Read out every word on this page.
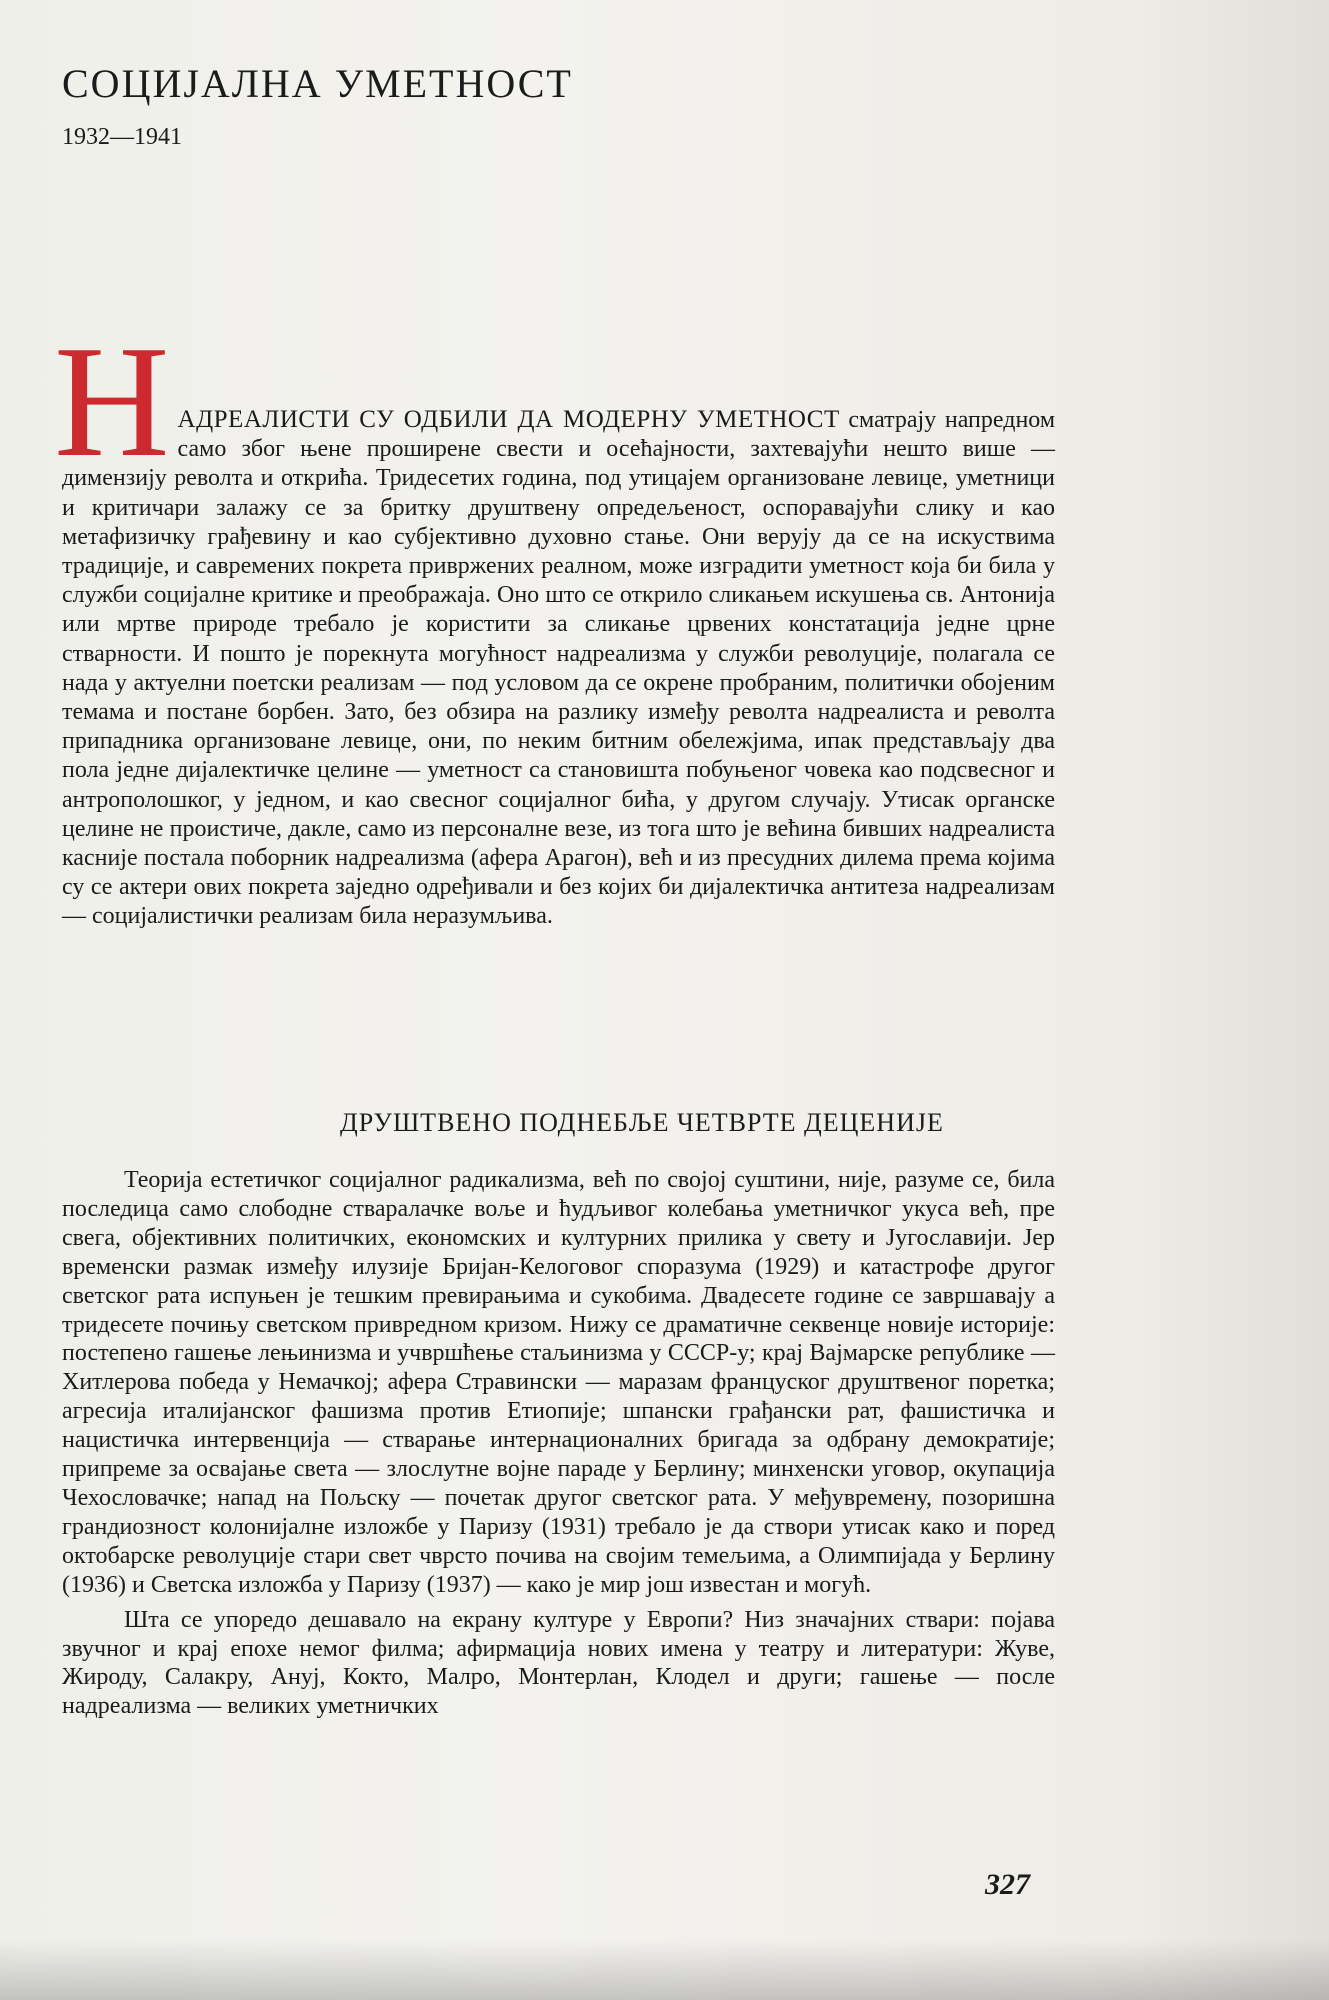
СОЦИЈАЛНА УМЕТНОСТ
1932—1941
Н АДРЕАЛИСТИ СУ ОДБИЛИ ДА МОДЕРНУ УМЕТНОСТ сматрају напредном само због њене проширене свести и осећајности, захтевајући нешто више — димензију револта и открића. Тридесетих година, под утицајем организоване левице, уметници и критичари залажу се за бритку друштвену опредељеност, оспоравајући слику и као метафизичку грађевину и као субјективно духовно стање. Они верују да се на искуствима традиције, и савремених покрета привржених реалном, може изградити уметност која би била у служби социјалне критике и преображаја. Оно што се открило сликањем искушења св. Антонија или мртве природе требало је користити за сликање црвених констатација једне црне стварности. И пошто је порекнута могућност надреализма у служби револуције, полагала се нада у актуелни поетски реализам — под условом да се окрене пробраним, политички обојеним темама и постане борбен. Зато, без обзира на разлику између револта надреалиста и револта припадника организоване левице, они, по неким битним обележјима, ипак представљају два пола једне дијалектичке целине — уметност са становишта побуњеног човека као подсвесног и антрополошког, у једном, и као свесног социјалног бића, у другом случају. Утисак органске целине не проистиче, дакле, само из персоналне везе, из тога што је већина бивших надреалиста касније постала поборник надреализма (афера Арагон), већ и из пресудних дилема према којима су се актери ових покрета заједно одређивали и без којих би дијалектичка антитеза надреализам — социјалистички реализам била неразумљива.

ДРУШТВЕНО ПОДНЕБЉЕ ЧЕТВРТЕ ДЕЦЕНИЈЕ

Теорија естетичког социјалног радикализма, већ по својој суштини, није, разуме се, била последица само слободне стваралачке воље и ћудљивог колебања уметничког укуса већ, пре свега, објективних политичких, економских и културних прилика у свету и Југославији. Јер временски размак између илузије Бријан-Келоговог споразума (1929) и катастрофе другог светског рата испуњен је тешким превирањима и сукобима. Двадесете године се завршавају а тридесете почињу светском привредном кризом. Нижу се драматичне секвенце новије историје: постепено гашење лењинизма и учвршћење стаљинизма у СССР-у; крај Вајмарске републике — Хитлерова победа у Немачкој; афера Стравински — маразам француског друштвеног поретка; агресија италијанског фашизма против Етиопије; шпански грађански рат, фашистичка и нацистичка интервенција — стварање интернационалних бригада за одбрану демократије; припреме за освајање света — злослутне војне параде у Берлину; минхенски уговор, окупација Чехословачке; напад на Пољску — почетак другог светског рата. У међувремену, позоришна грандиозност колонијалне изложбе у Паризу (1931) требало је да створи утисак како и поред октобарске револуције стари свет чврсто почива на својим темељима, а Олимпијада у Берлину (1936) и Светска изложба у Паризу (1937) — како је мир још известан и могућ.

Шта се упоредо дешавало на екрану културе у Европи? Низ значајних ствари: појава звучног и крај епохе немог филма; афирмација нових имена у театру и литератури: Жуве, Жироду, Салакру, Ануј, Кокто, Малро, Монтерлан, Клодел и други; гашење — после надреализма — великих уметничких

327
